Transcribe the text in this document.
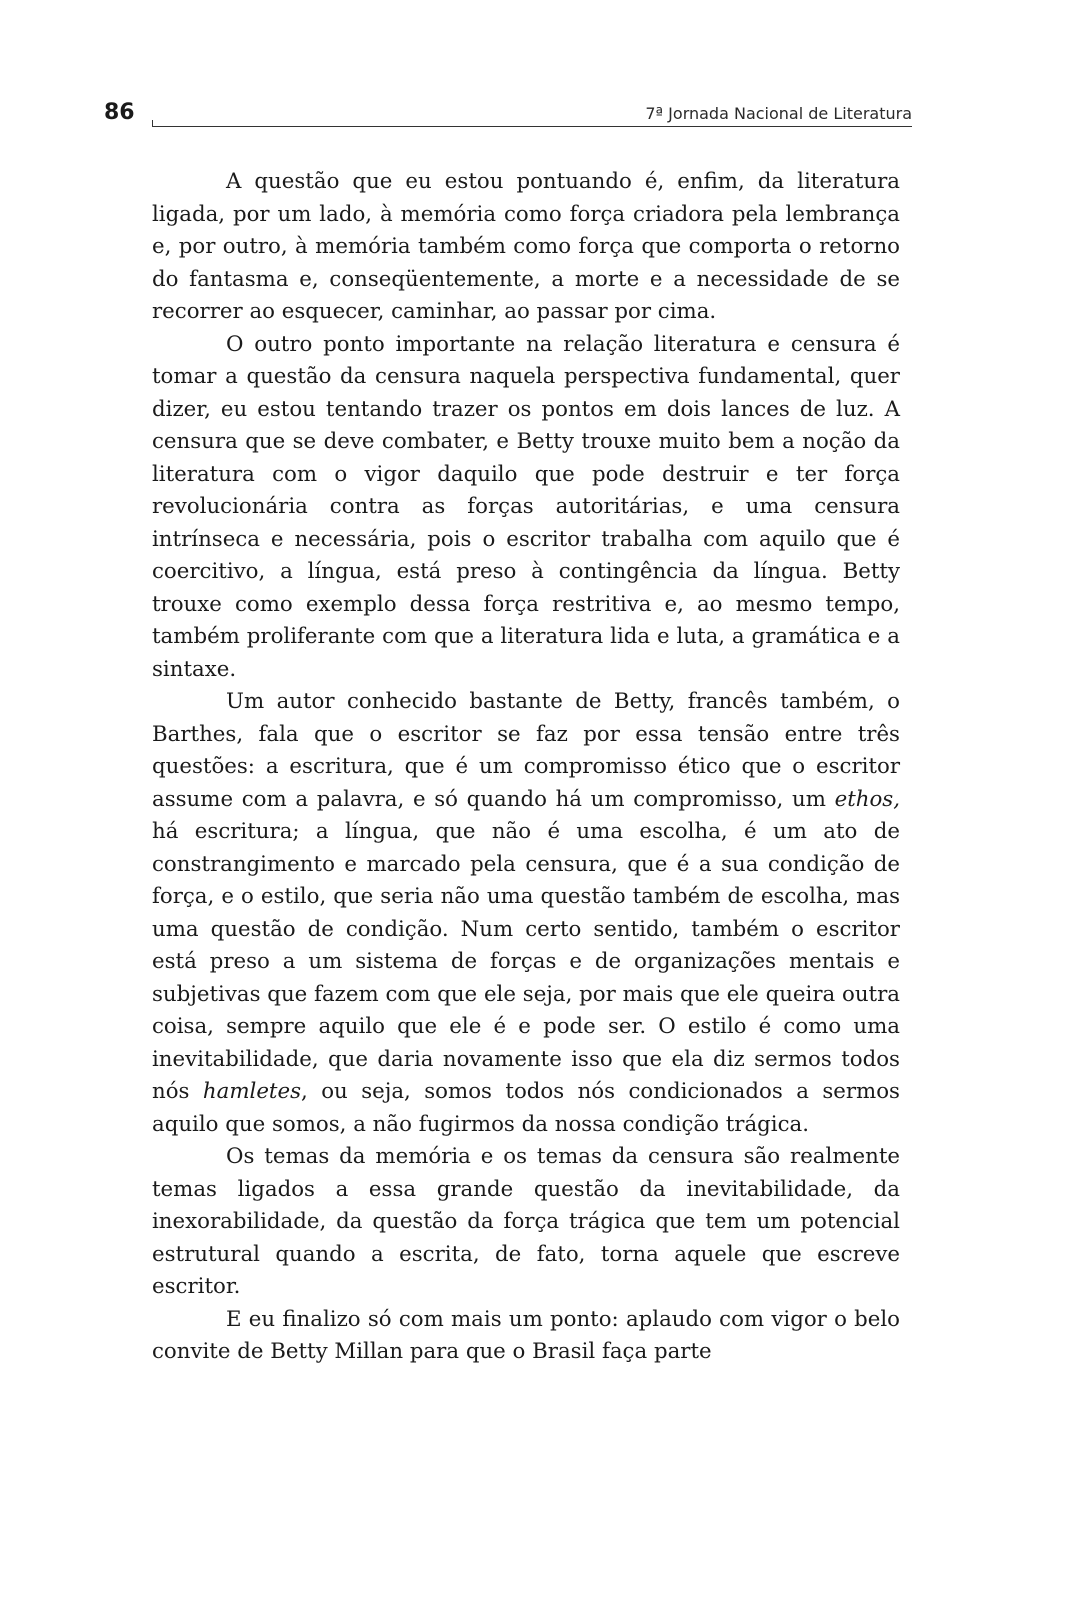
86	7ª Jornada Nacional de Literatura

A questão que eu estou pontuando é, enfim, da literatura ligada, por um lado, à memória como força criadora pela lembrança e, por outro, à memória também como força que comporta o retorno do fantasma e, conseqüentemente, a morte e a necessidade de se recorrer ao esquecer, caminhar, ao passar por cima.

O outro ponto importante na relação literatura e censura é tomar a questão da censura naquela perspectiva fundamental, quer dizer, eu estou tentando trazer os pontos em dois lances de luz. A censura que se deve combater, e Betty trouxe muito bem a noção da literatura com o vigor daquilo que pode destruir e ter força revolucionária contra as forças autoritárias, e uma censura intrínseca e necessária, pois o escritor trabalha com aquilo que é coercitivo, a língua, está preso à contingência da língua. Betty trouxe como exemplo dessa força restritiva e, ao mesmo tempo, também proliferante com que a literatura lida e luta, a gramática e a sintaxe.

Um autor conhecido bastante de Betty, francês também, o Barthes, fala que o escritor se faz por essa tensão entre três questões: a escritura, que é um compromisso ético que o escritor assume com a palavra, e só quando há um compromisso, um ethos, há escritura; a língua, que não é uma escolha, é um ato de constrangimento e marcado pela censura, que é a sua condição de força, e o estilo, que seria não uma questão também de escolha, mas uma questão de condição. Num certo sentido, também o escritor está preso a um sistema de forças e de organizações mentais e subjetivas que fazem com que ele seja, por mais que ele queira outra coisa, sempre aquilo que ele é e pode ser. O estilo é como uma inevitabilidade, que daria novamente isso que ela diz sermos todos nós hamletes, ou seja, somos todos nós condicionados a sermos aquilo que somos, a não fugirmos da nossa condição trágica.

Os temas da memória e os temas da censura são realmente temas ligados a essa grande questão da inevitabilidade, da inexorabilidade, da questão da força trágica que tem um potencial estrutural quando a escrita, de fato, torna aquele que escreve escritor.

E eu finalizo só com mais um ponto: aplaudo com vigor o belo convite de Betty Millan para que o Brasil faça parte
